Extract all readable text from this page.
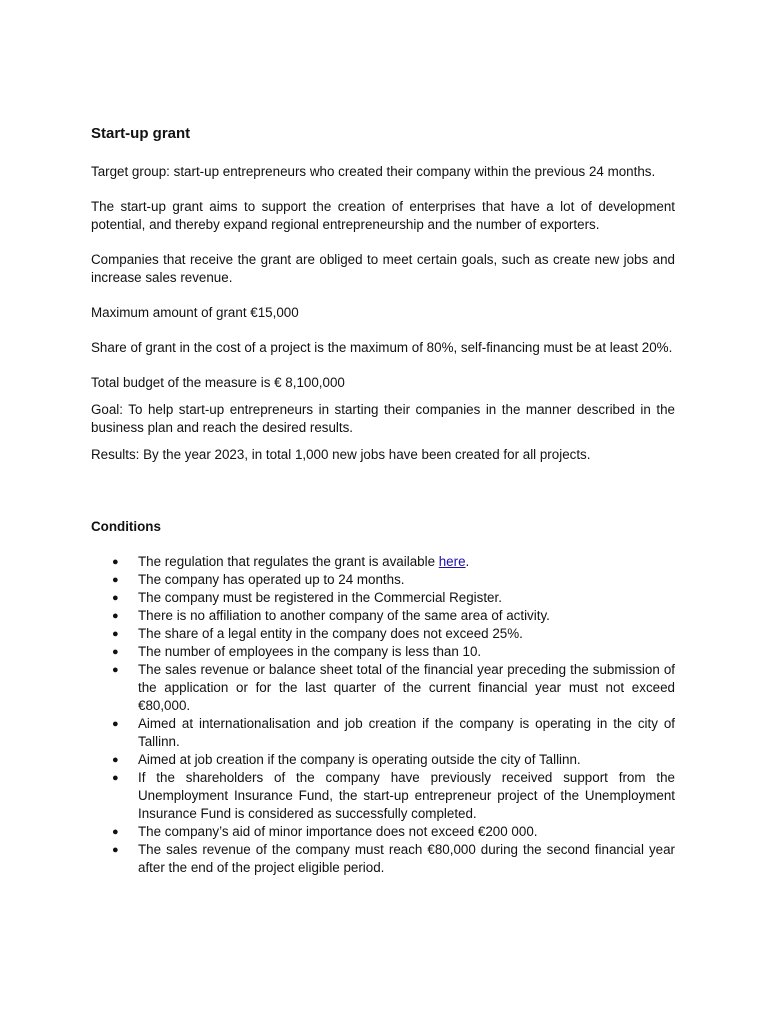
Start-up grant

Target group: start-up entrepreneurs who created their company within the previous 24 months.

The start-up grant aims to support the creation of enterprises that have a lot of development potential, and thereby expand regional entrepreneurship and the number of exporters.

Companies that receive the grant are obliged to meet certain goals, such as create new jobs and increase sales revenue.

Maximum amount of grant €15,000

Share of grant in the cost of a project is the maximum of 80%, self-financing must be at least 20%.

Total budget of the measure is € 8,100,000

Goal: To help start-up entrepreneurs in starting their companies in the manner described in the business plan and reach the desired results.

Results: By the year 2023, in total 1,000 new jobs have been created for all projects.

Conditions
● The regulation that regulates the grant is available here.
● The company has operated up to 24 months.
● The company must be registered in the Commercial Register.
● There is no affiliation to another company of the same area of activity.
● The share of a legal entity in the company does not exceed 25%.
● The number of employees in the company is less than 10.
● The sales revenue or balance sheet total of the financial year preceding the submission of the application or for the last quarter of the current financial year must not exceed €80,000.
● Aimed at internationalisation and job creation if the company is operating in the city of Tallinn.
● Aimed at job creation if the company is operating outside the city of Tallinn.
● If the shareholders of the company have previously received support from the Unemployment Insurance Fund, the start-up entrepreneur project of the Unemployment Insurance Fund is considered as successfully completed.
● The company’s aid of minor importance does not exceed €200 000.
● The sales revenue of the company must reach €80,000 during the second financial year after the end of the project eligible period.
